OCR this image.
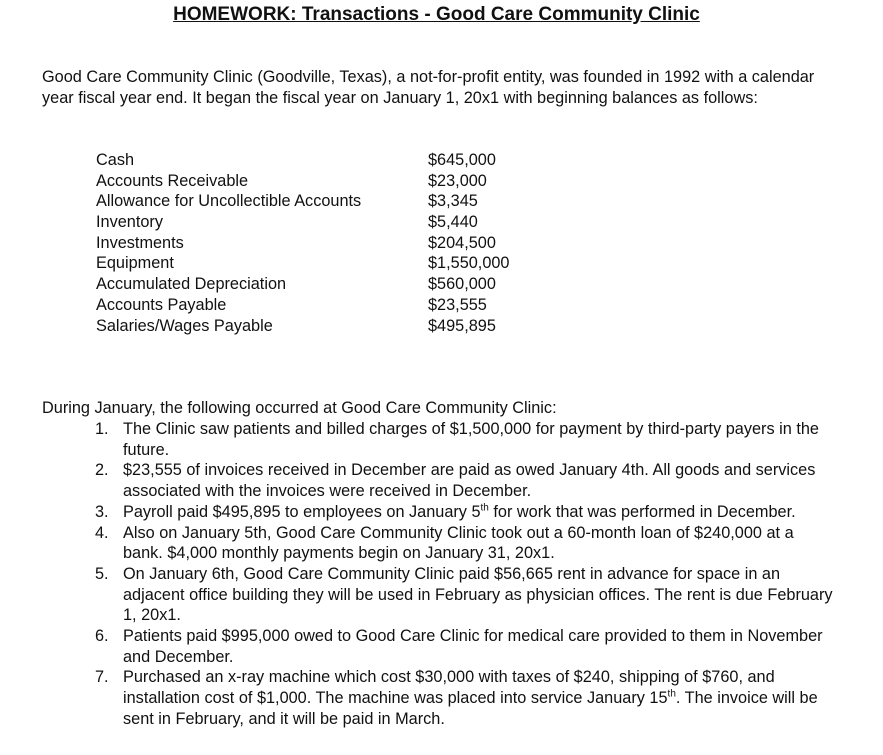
HOMEWORK: Transactions - Good Care Community Clinic

Good Care Community Clinic (Goodville, Texas), a not-for-profit entity, was founded in 1992 with a calendar year fiscal year end. It began the fiscal year on January 1, 20x1 with beginning balances as follows:

Cash	$645,000
Accounts Receivable	$23,000
Allowance for Uncollectible Accounts	$3,345
Inventory	$5,440
Investments	$204,500
Equipment	$1,550,000
Accumulated Depreciation	$560,000
Accounts Payable	$23,555
Salaries/Wages Payable	$495,895

During January, the following occurred at Good Care Community Clinic:

1. The Clinic saw patients and billed charges of $1,500,000 for payment by third-party payers in the future.
2. $23,555 of invoices received in December are paid as owed January 4th. All goods and services associated with the invoices were received in December.
3. Payroll paid $495,895 to employees on January 5th for work that was performed in December.
4. Also on January 5th, Good Care Community Clinic took out a 60-month loan of $240,000 at a bank. $4,000 monthly payments begin on January 31, 20x1.
5. On January 6th, Good Care Community Clinic paid $56,665 rent in advance for space in an adjacent office building they will be used in February as physician offices. The rent is due February 1, 20x1.
6. Patients paid $995,000 owed to Good Care Clinic for medical care provided to them in November and December.
7. Purchased an x-ray machine which cost $30,000 with taxes of $240, shipping of $760, and installation cost of $1,000. The machine was placed into service January 15th. The invoice will be sent in February, and it will be paid in March.
